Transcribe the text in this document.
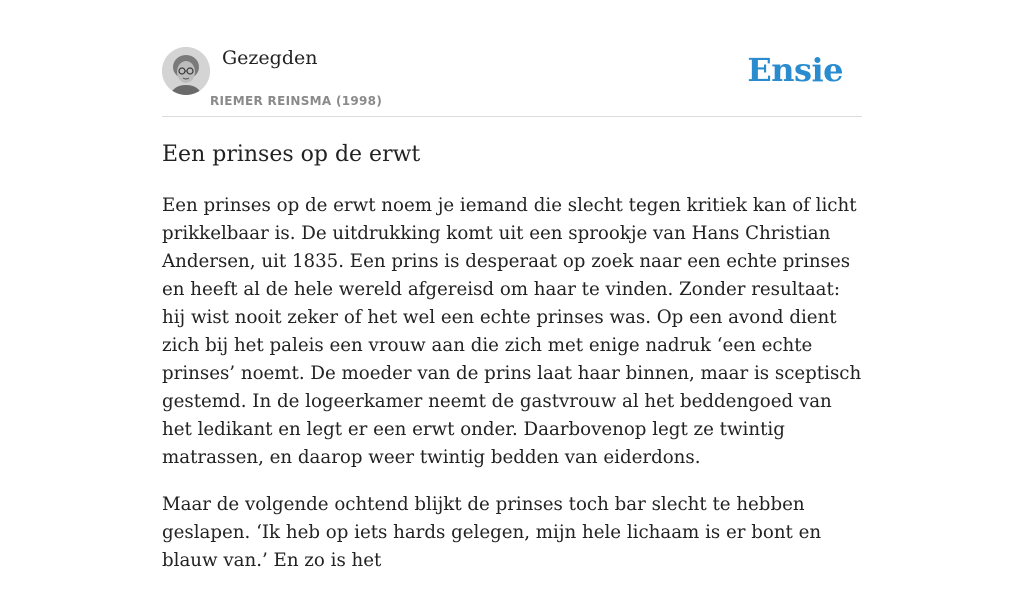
Gezegden
RIEMER REINSMA (1998)
Ensie
Een prinses op de erwt

Een prinses op de erwt noem je iemand die slecht tegen kritiek kan of licht prikkelbaar is. De uitdrukking komt uit een sprookje van Hans Christian Andersen, uit 1835. Een prins is desperaat op zoek naar een echte prinses en heeft al de hele wereld afgereisd om haar te vinden. Zonder resultaat: hij wist nooit zeker of het wel een echte prinses was. Op een avond dient zich bij het paleis een vrouw aan die zich met enige nadruk ‘een echte prinses’ noemt. De moeder van de prins laat haar binnen, maar is sceptisch gestemd. In de logeerkamer neemt de gastvrouw al het beddengoed van het ledikant en legt er een erwt onder. Daarbovenop legt ze twintig matrassen, en daarop weer twintig bedden van eiderdons.

Maar de volgende ochtend blijkt de prinses toch bar slecht te hebben geslapen. ‘Ik heb op iets hards gelegen, mijn hele lichaam is er bont en blauw van.’ En zo is het
